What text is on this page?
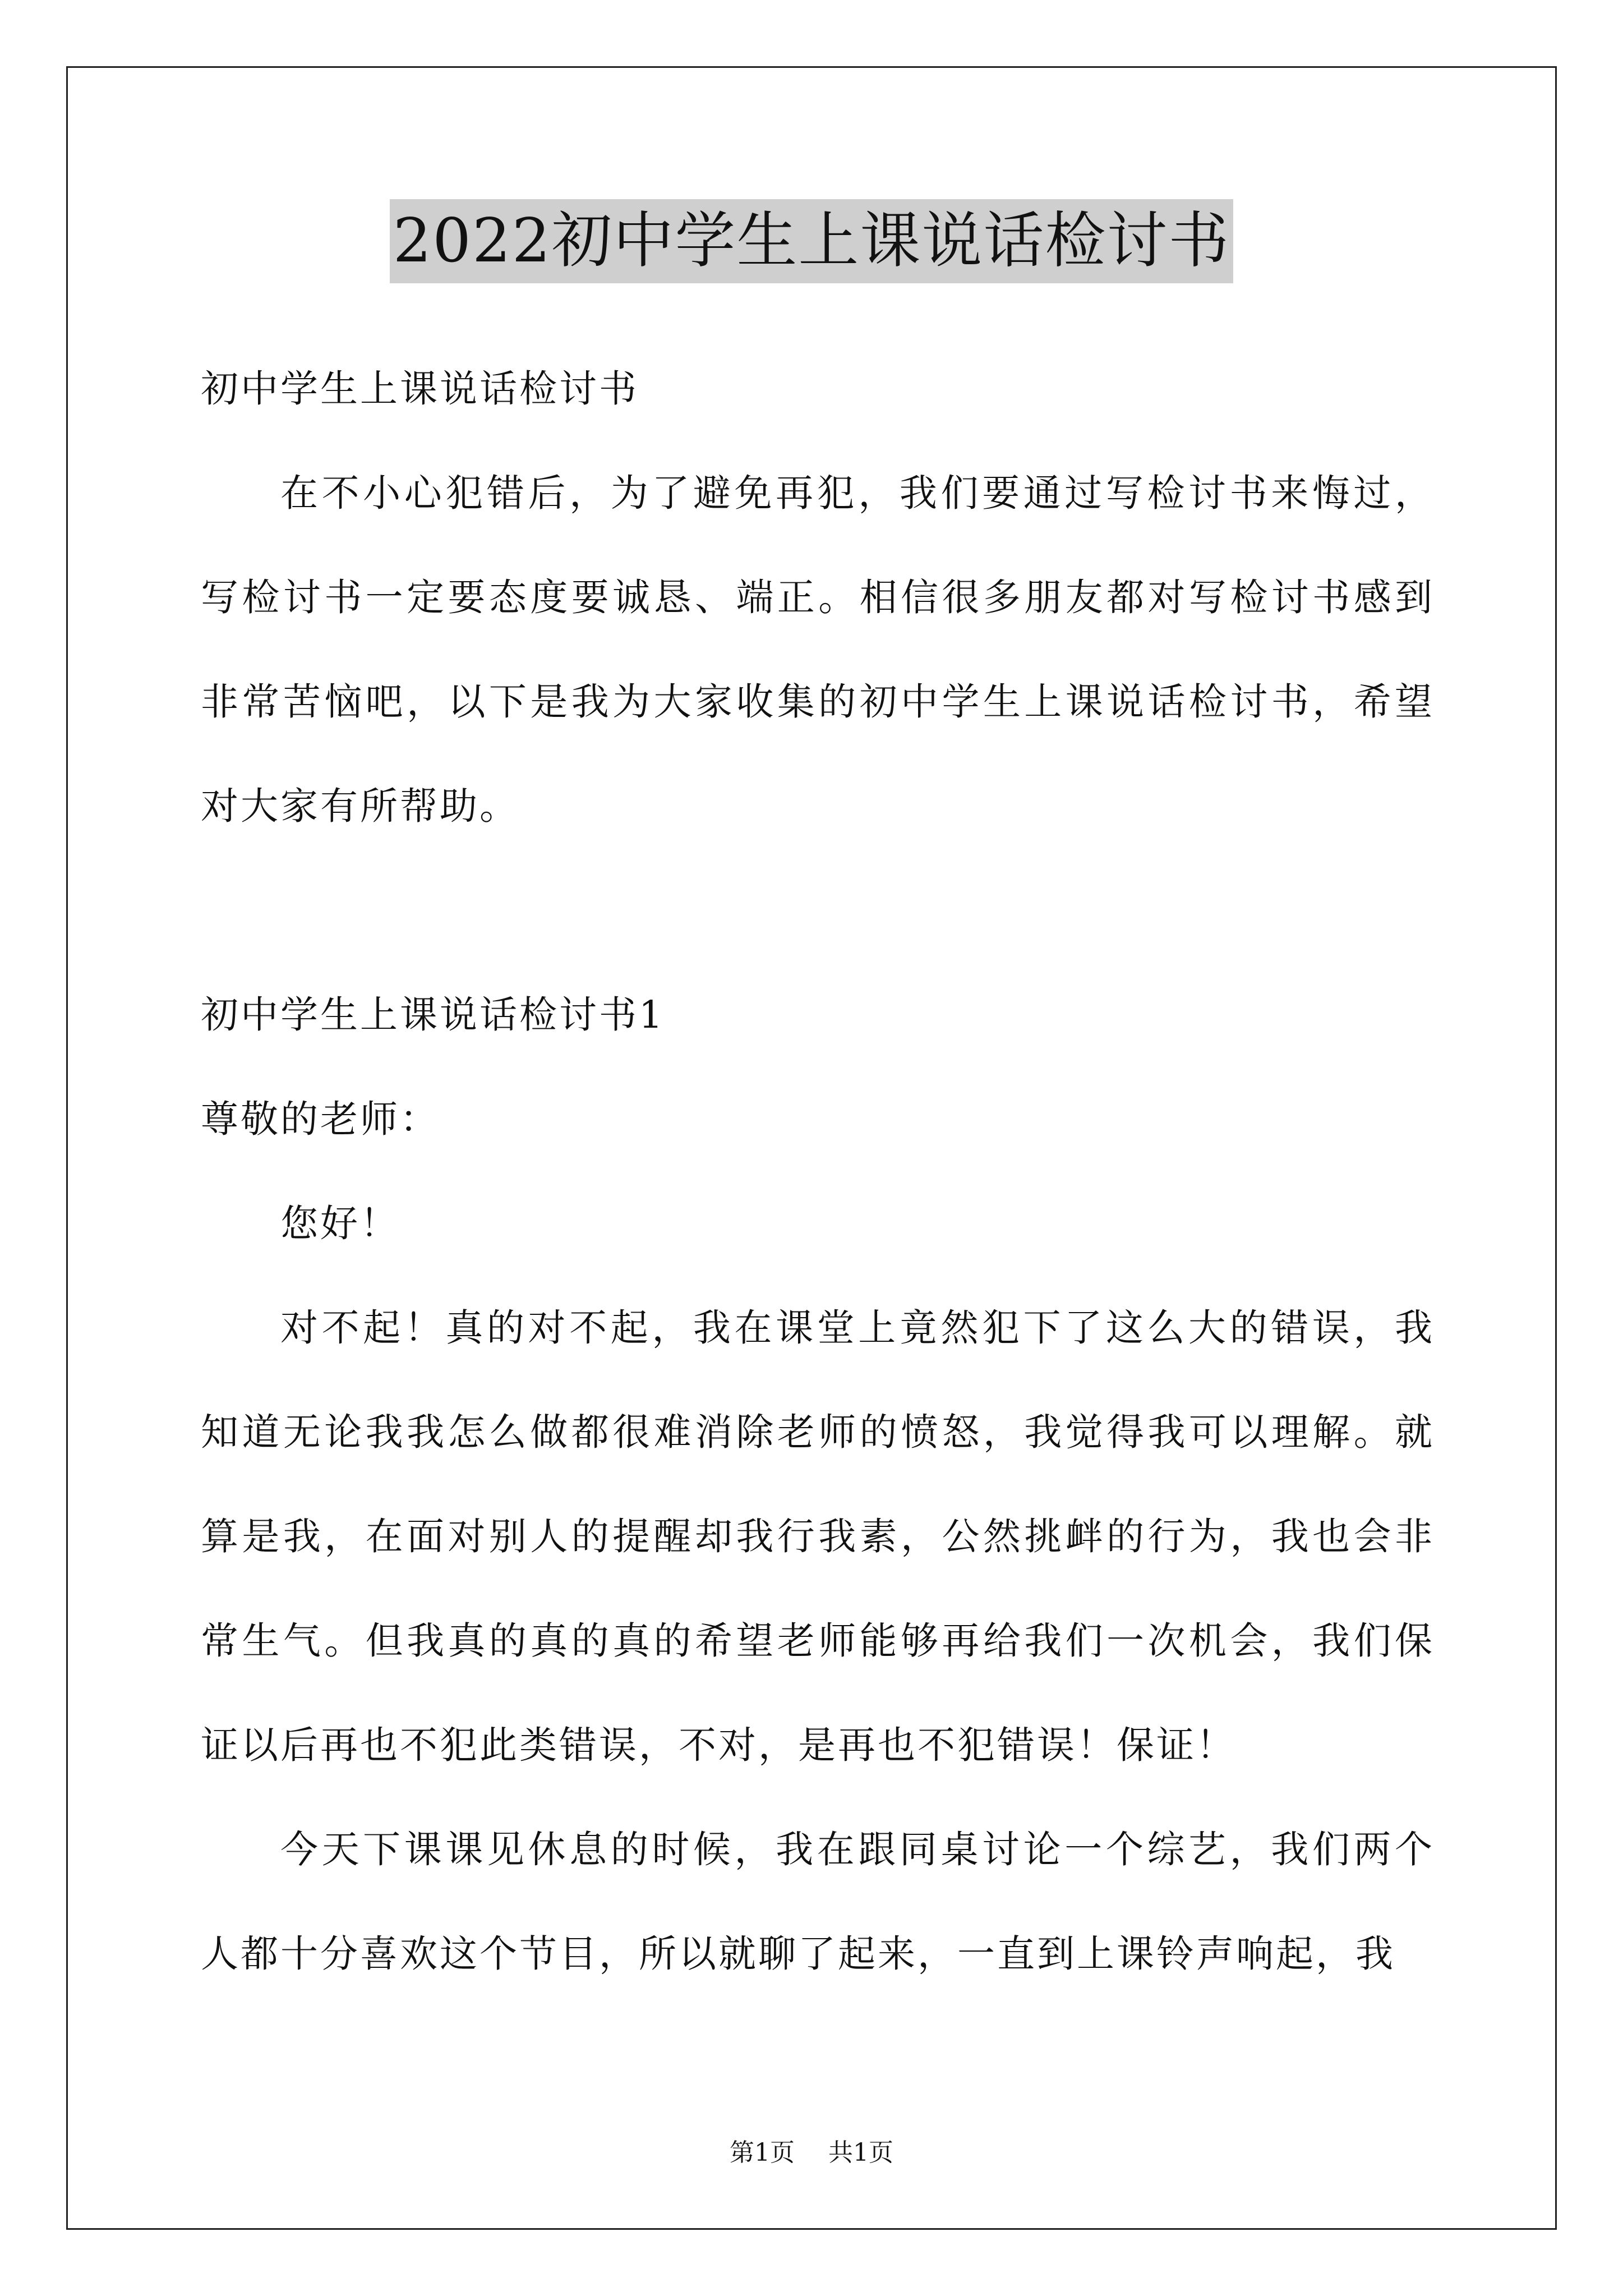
2022初中学生上课说话检讨书

初中学生上课说话检讨书

在不小心犯错后，为了避免再犯，我们要通过写检讨书来悔过，写检讨书一定要态度要诚恳、端正。相信很多朋友都对写检讨书感到非常苦恼吧，以下是我为大家收集的初中学生上课说话检讨书，希望对大家有所帮助。

初中学生上课说话检讨书1

尊敬的老师：

您好！

对不起！真的对不起，我在课堂上竟然犯下了这么大的错误，我知道无论我我怎么做都很难消除老师的愤怒，我觉得我可以理解。就算是我，在面对别人的提醒却我行我素，公然挑衅的行为，我也会非常生气。但我真的真的真的希望老师能够再给我们一次机会，我们保证以后再也不犯此类错误，不对，是再也不犯错误！保证！

今天下课课见休息的时候，我在跟同桌讨论一个综艺，我们两个人都十分喜欢这个节目，所以就聊了起来，一直到上课铃声响起，我

第1页 共1页
